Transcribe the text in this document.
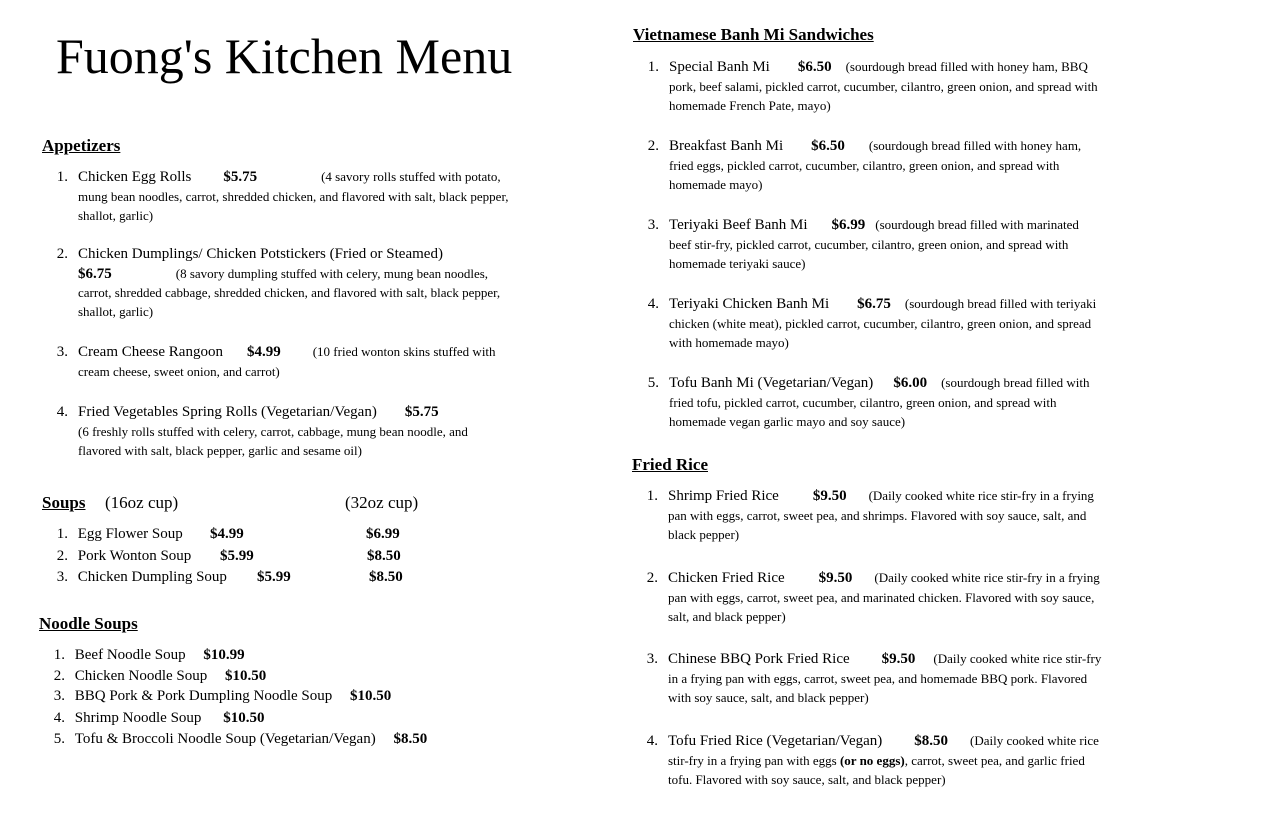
Fuong's Kitchen Menu
Appetizers
1. Chicken Egg Rolls $5.75	(4 savory rolls stuffed with potato, mung bean noodles, carrot, shredded chicken, and flavored with salt, black pepper, shallot, garlic)
2. Chicken Dumplings/ Chicken Potstickers (Fried or Steamed)
$6.75	(8 savory dumpling stuffed with celery, mung bean noodles, carrot, shredded cabbage, shredded chicken, and flavored with salt, black pepper, shallot, garlic)
3. Cream Cheese Rangoon $4.99 (10 fried wonton skins stuffed with cream cheese, sweet onion, and carrot)
4. Fried Vegetables Spring Rolls (Vegetarian/Vegan) $5.75
(6 freshly rolls stuffed with celery, carrot, cabbage, mung bean noodle, and flavored with salt, black pepper, garlic and sesame oil)
Soups (16oz cup)	(32oz cup)
1. Egg Flower Soup $4.99	$6.99
2. Pork Wonton Soup $5.99	$8.50
3. Chicken Dumpling Soup $5.99	$8.50
Noodle Soups
1. Beef Noodle Soup $10.99
2. Chicken Noodle Soup $10.50
3. BBQ Pork & Pork Dumpling Noodle Soup $10.50
4. Shrimp Noodle Soup $10.50
5. Tofu & Broccoli Noodle Soup (Vegetarian/Vegan) $8.50
Vietnamese Banh Mi Sandwiches
1. Special Banh Mi $6.50 (sourdough bread filled with honey ham, BBQ pork, beef salami, pickled carrot, cucumber, cilantro, green onion, and spread with homemade French Pate, mayo)
2. Breakfast Banh Mi $6.50 (sourdough bread filled with honey ham, fried eggs, pickled carrot, cucumber, cilantro, green onion, and spread with homemade mayo)
3. Teriyaki Beef Banh Mi $6.99 (sourdough bread filled with marinated beef stir-fry, pickled carrot, cucumber, cilantro, green onion, and spread with homemade teriyaki sauce)
4. Teriyaki Chicken Banh Mi $6.75 (sourdough bread filled with teriyaki chicken (white meat), pickled carrot, cucumber, cilantro, green onion, and spread with homemade mayo)
5. Tofu Banh Mi (Vegetarian/Vegan) $6.00 (sourdough bread filled with fried tofu, pickled carrot, cucumber, cilantro, green onion, and spread with homemade vegan garlic mayo and soy sauce)
Fried Rice
1. Shrimp Fried Rice $9.50 (Daily cooked white rice stir-fry in a frying pan with eggs, carrot, sweet pea, and shrimps. Flavored with soy sauce, salt, and black pepper)
2. Chicken Fried Rice $9.50 (Daily cooked white rice stir-fry in a frying pan with eggs, carrot, sweet pea, and marinated chicken. Flavored with soy sauce, salt, and black pepper)
3. Chinese BBQ Pork Fried Rice $9.50 (Daily cooked white rice stir-fry in a frying pan with eggs, carrot, sweet pea, and homemade BBQ pork. Flavored with soy sauce, salt, and black pepper)
4. Tofu Fried Rice (Vegetarian/Vegan) $8.50 (Daily cooked white rice stir-fry in a frying pan with eggs (or no eggs), carrot, sweet pea, and garlic fried tofu. Flavored with soy sauce, salt, and black pepper)
